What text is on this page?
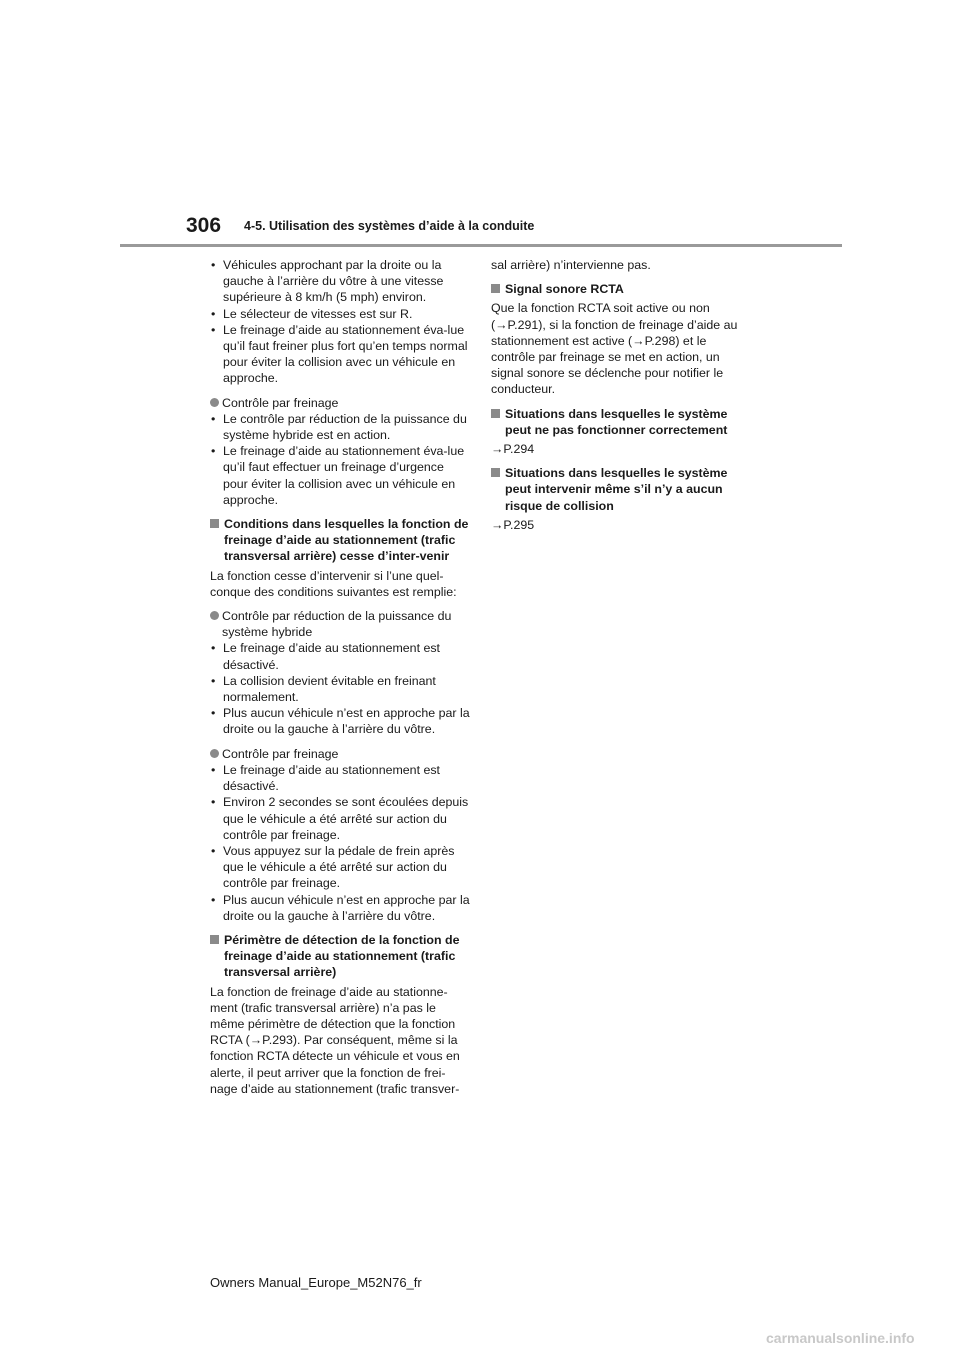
306 4-5. Utilisation des systèmes d’aide à la conduite
• Véhicules approchant par la droite ou la gauche à l’arrière du vôtre à une vitesse supérieure à 8 km/h (5 mph) environ.
• Le sélecteur de vitesses est sur R.
• Le freinage d’aide au stationnement éva-lue qu’il faut freiner plus fort qu’en temps normal pour éviter la collision avec un véhicule en approche.
Contrôle par freinage
• Le contrôle par réduction de la puissance du système hybride est en action.
• Le freinage d’aide au stationnement éva-lue qu’il faut effectuer un freinage d’urgence pour éviter la collision avec un véhicule en approche.
Conditions dans lesquelles la fonction de freinage d’aide au stationnement (trafic transversal arrière) cesse d’inter-venir

La fonction cesse d’intervenir si l’une quel-conque des conditions suivantes est remplie:

Contrôle par réduction de la puissance du système hybride
• Le freinage d’aide au stationnement est désactivé.
• La collision devient évitable en freinant normalement.
• Plus aucun véhicule n’est en approche par la droite ou la gauche à l’arrière du vôtre.
Contrôle par freinage
• Le freinage d’aide au stationnement est désactivé.
• Environ 2 secondes se sont écoulées depuis que le véhicule a été arrêté sur action du contrôle par freinage.
• Vous appuyez sur la pédale de frein après que le véhicule a été arrêté sur action du contrôle par freinage.
• Plus aucun véhicule n’est en approche par la droite ou la gauche à l’arrière du vôtre.
Périmètre de détection de la fonction de freinage d’aide au stationnement (trafic transversal arrière)

La fonction de freinage d’aide au stationne-ment (trafic transversal arrière) n’a pas le même périmètre de détection que la fonction RCTA (→P.293). Par conséquent, même si la fonction RCTA détecte un véhicule et vous en alerte, il peut arriver que la fonction de frei-nage d’aide au stationnement (trafic transver-

sal arrière) n’intervienne pas.

Signal sonore RCTA

Que la fonction RCTA soit active ou non (→P.291), si la fonction de freinage d’aide au stationnement est active (→P.298) et le contrôle par freinage se met en action, un signal sonore se déclenche pour notifier le conducteur.

Situations dans lesquelles le système peut ne pas fonctionner correctement

→P.294

Situations dans lesquelles le système peut intervenir même s’il n’y a aucun risque de collision

→P.295

Owners Manual_Europe_M52N76_fr
carmanualsonline.info
